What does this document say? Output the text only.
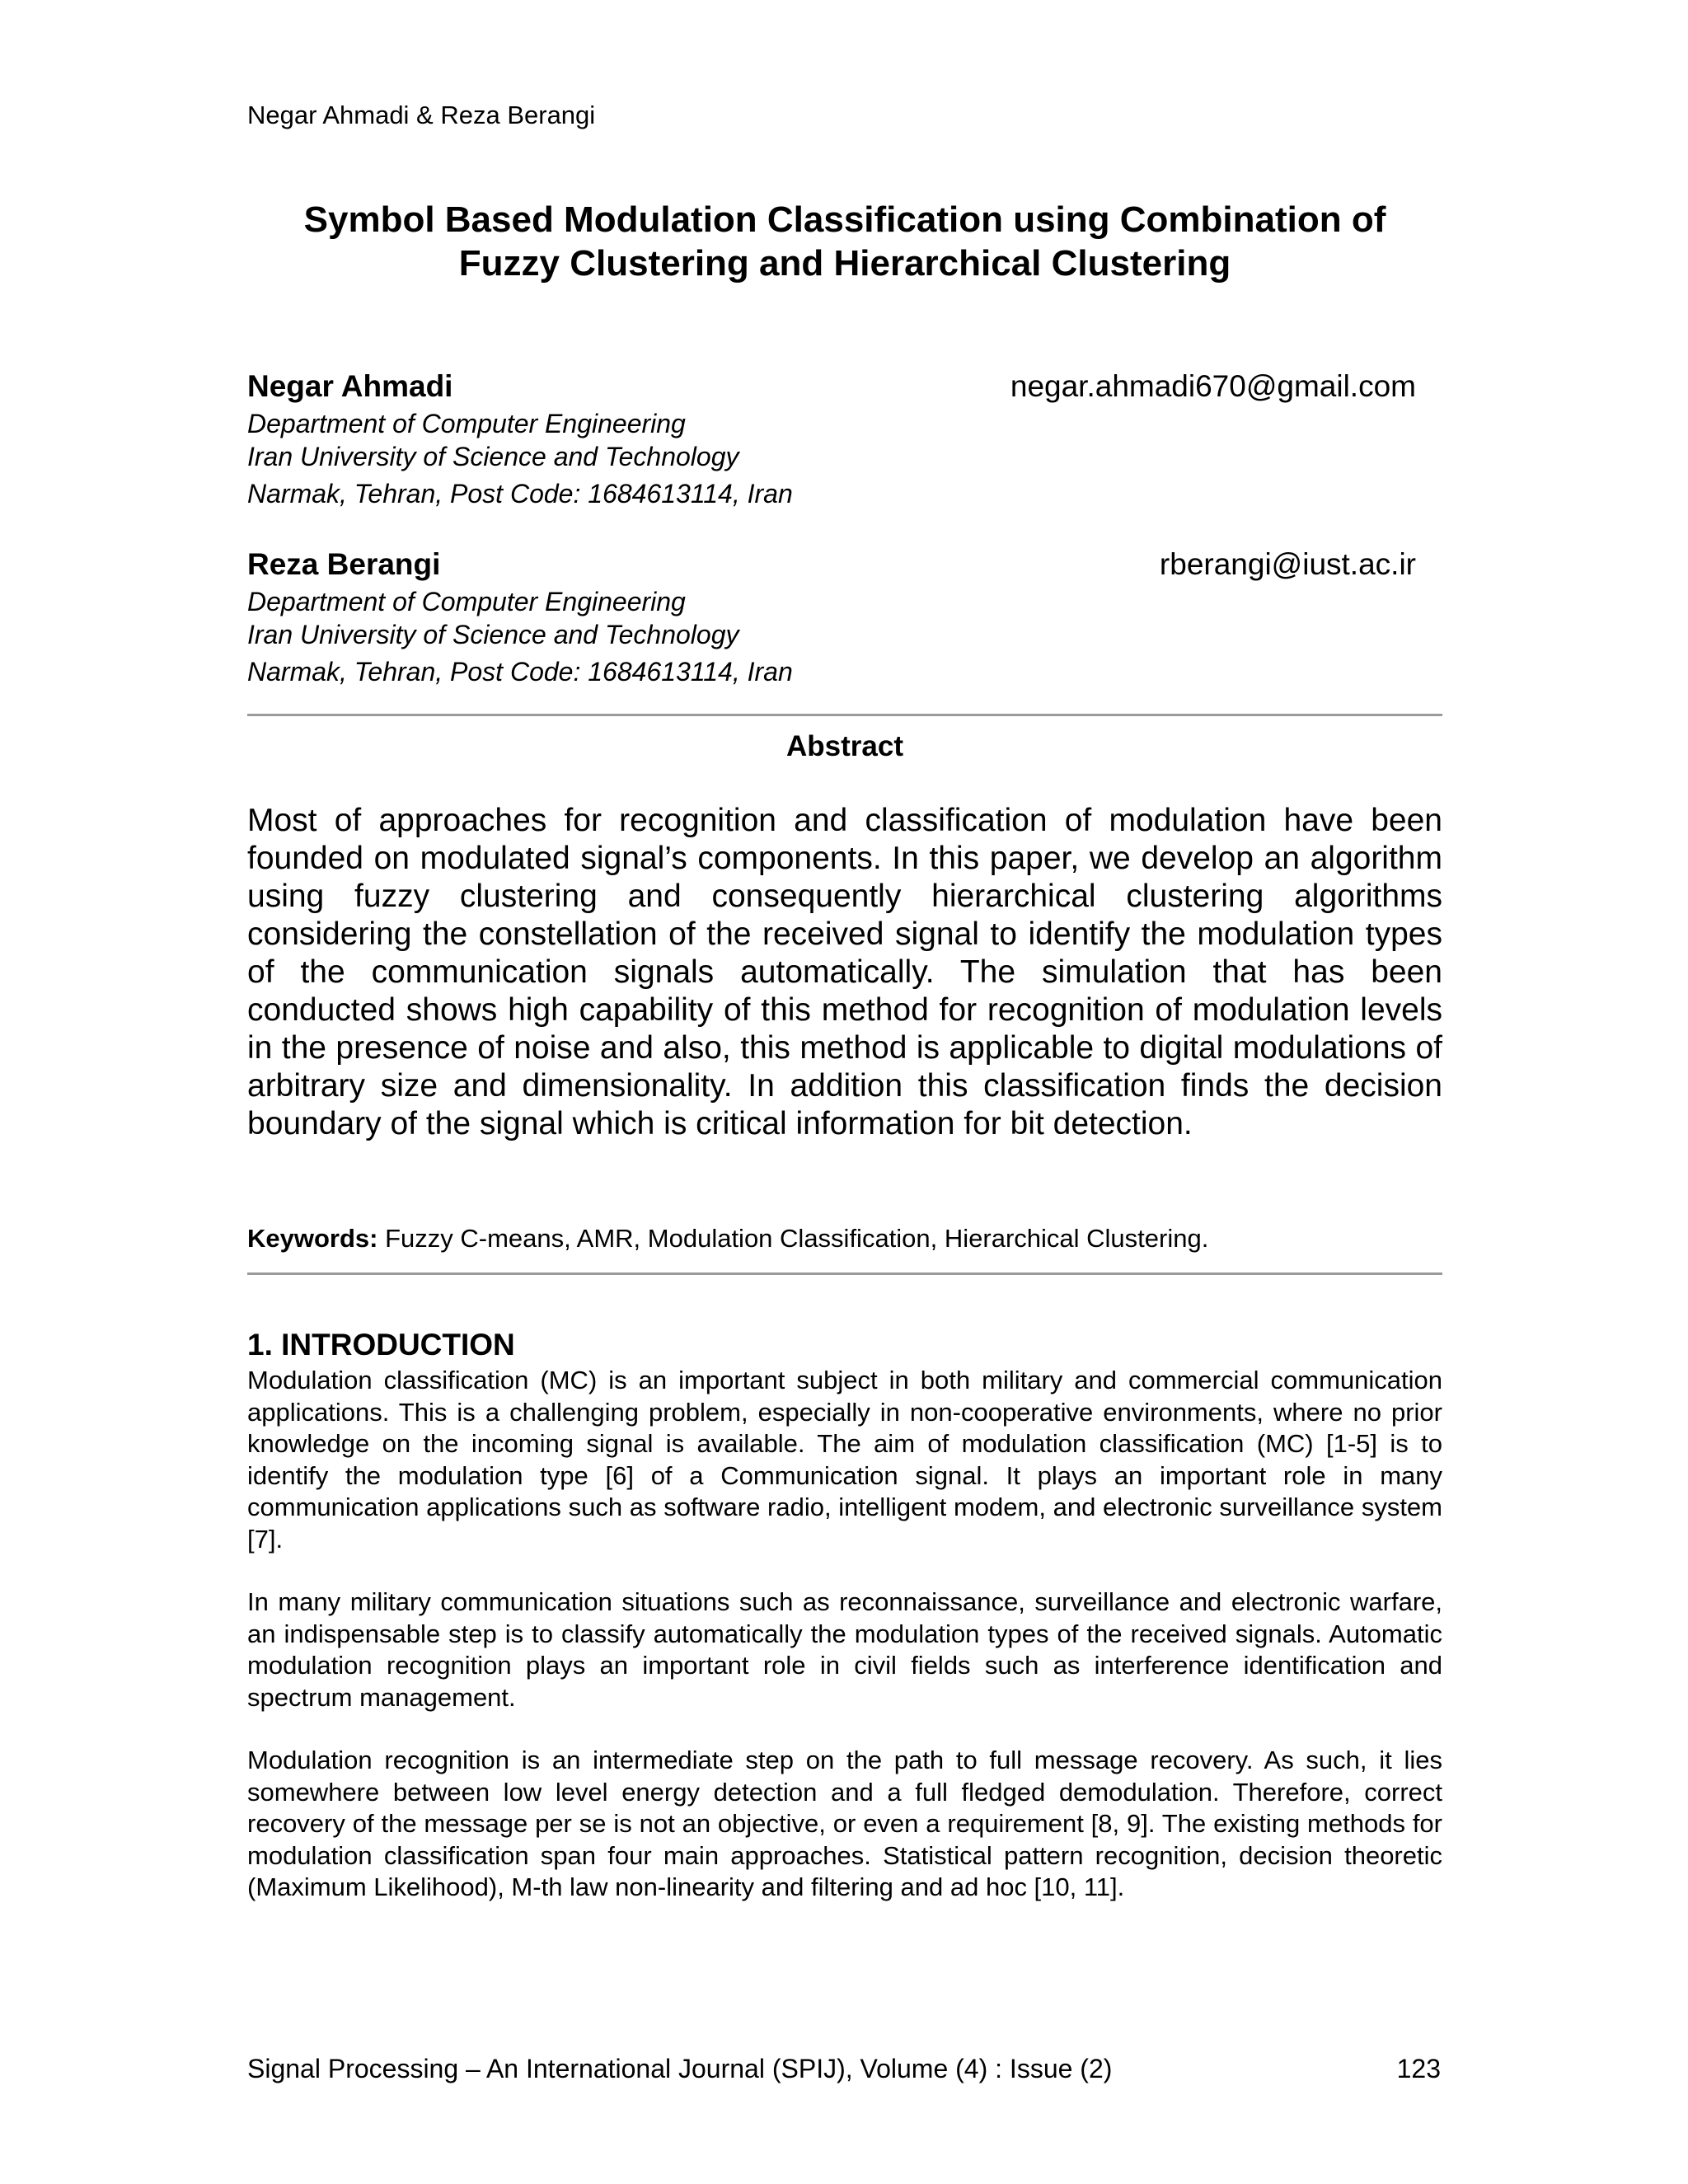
Negar Ahmadi & Reza Berangi
Symbol Based Modulation Classification using Combination of
Fuzzy Clustering and Hierarchical Clustering
Negar Ahmadi	negar.ahmadi670@gmail.com
Department of Computer Engineering
Iran University of Science and Technology
Narmak, Tehran, Post Code: 1684613114, Iran
Reza Berangi	rberangi@iust.ac.ir
Department of Computer Engineering
Iran University of Science and Technology
Narmak, Tehran, Post Code: 1684613114, Iran
Abstract

Most of approaches for recognition and classification of modulation have been founded on modulated signal’s components. In this paper, we develop an algorithm using fuzzy clustering and consequently hierarchical clustering algorithms considering the constellation of the received signal to identify the modulation types of the communication signals automatically. The simulation that has been conducted shows high capability of this method for recognition of modulation levels in the presence of noise and also, this method is applicable to digital modulations of arbitrary size and dimensionality. In addition this classification finds the decision boundary of the signal which is critical information for bit detection.

Keywords: Fuzzy C-means, AMR, Modulation Classification, Hierarchical Clustering.

1. INTRODUCTION

Modulation classification (MC) is an important subject in both military and commercial communication applications. This is a challenging problem, especially in non-cooperative environments, where no prior knowledge on the incoming signal is available. The aim of modulation classification (MC) [1-5] is to identify the modulation type [6] of a Communication signal. It plays an important role in many communication applications such as software radio, intelligent modem, and electronic surveillance system [7].

In many military communication situations such as reconnaissance, surveillance and electronic warfare, an indispensable step is to classify automatically the modulation types of the received signals. Automatic modulation recognition plays an important role in civil fields such as interference identification and spectrum management.

Modulation recognition is an intermediate step on the path to full message recovery. As such, it lies somewhere between low level energy detection and a full fledged demodulation. Therefore, correct recovery of the message per se is not an objective, or even a requirement [8, 9]. The existing methods for modulation classification span four main approaches. Statistical pattern recognition, decision theoretic (Maximum Likelihood), M-th law non-linearity and filtering and ad hoc [10, 11].

Signal Processing – An International Journal (SPIJ), Volume (4) : Issue (2)	123
